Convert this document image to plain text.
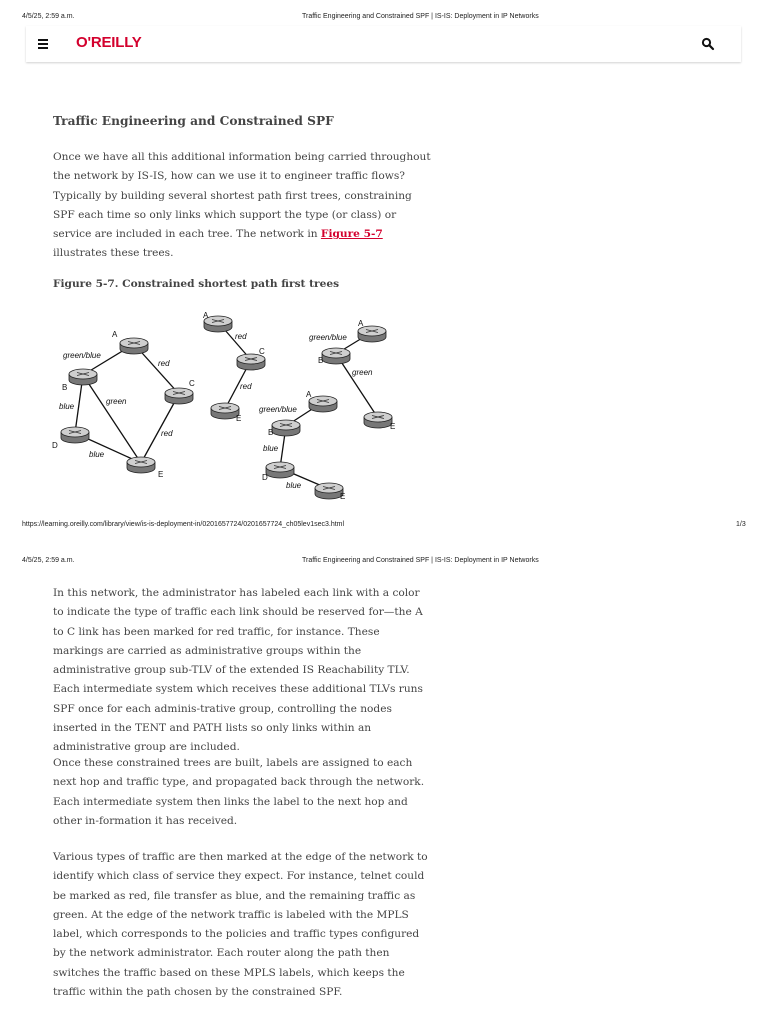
4/5/25, 2:59 a.m.	Traffic Engineering and Constrained SPF | IS-IS: Deployment in IP Networks
O'REILLY
Traffic Engineering and Constrained SPF

Once we have all this additional information being carried throughout the network by IS-IS, how can we use it to engineer traffic flows? Typically by building several shortest path first trees, constraining SPF each time so only links which support the type (or class) or service are included in each tree. The network in Figure 5-7 illustrates these trees.

Figure 5-7. Constrained shortest path first trees

A
B	C
D
E
green/blue
red
blue
green
red
blue
A
C
E
red
red
A
B
E
green/blue
green
A
B
D
E
green/blue
blue
blue
https://learning.oreilly.com/library/view/is-is-deployment-in/0201657724/0201657724_ch05lev1sec3.html	1/3
4/5/25, 2:59 a.m.	Traffic Engineering and Constrained SPF | IS-IS: Deployment in IP Networks

In this network, the administrator has labeled each link with a color to indicate the type of traffic each link should be reserved for—the A to C link has been marked for red traffic, for instance. These markings are carried as administrative groups within the administrative group sub-TLV of the extended IS Reachability TLV. Each intermediate system which receives these additional TLVs runs SPF once for each adminis-trative group, controlling the nodes inserted in the TENT and PATH lists so only links within an administrative group are included.

Once these constrained trees are built, labels are assigned to each next hop and traffic type, and propagated back through the network. Each intermediate system then links the label to the next hop and other in-formation it has received.

Various types of traffic are then marked at the edge of the network to identify which class of service they expect. For instance, telnet could be marked as red, file transfer as blue, and the remaining traffic as green. At the edge of the network traffic is labeled with the MPLS label, which corresponds to the policies and traffic types configured by the network administrator. Each router along the path then switches the traffic based on these MPLS labels, which keeps the traffic within the path chosen by the constrained SPF.
